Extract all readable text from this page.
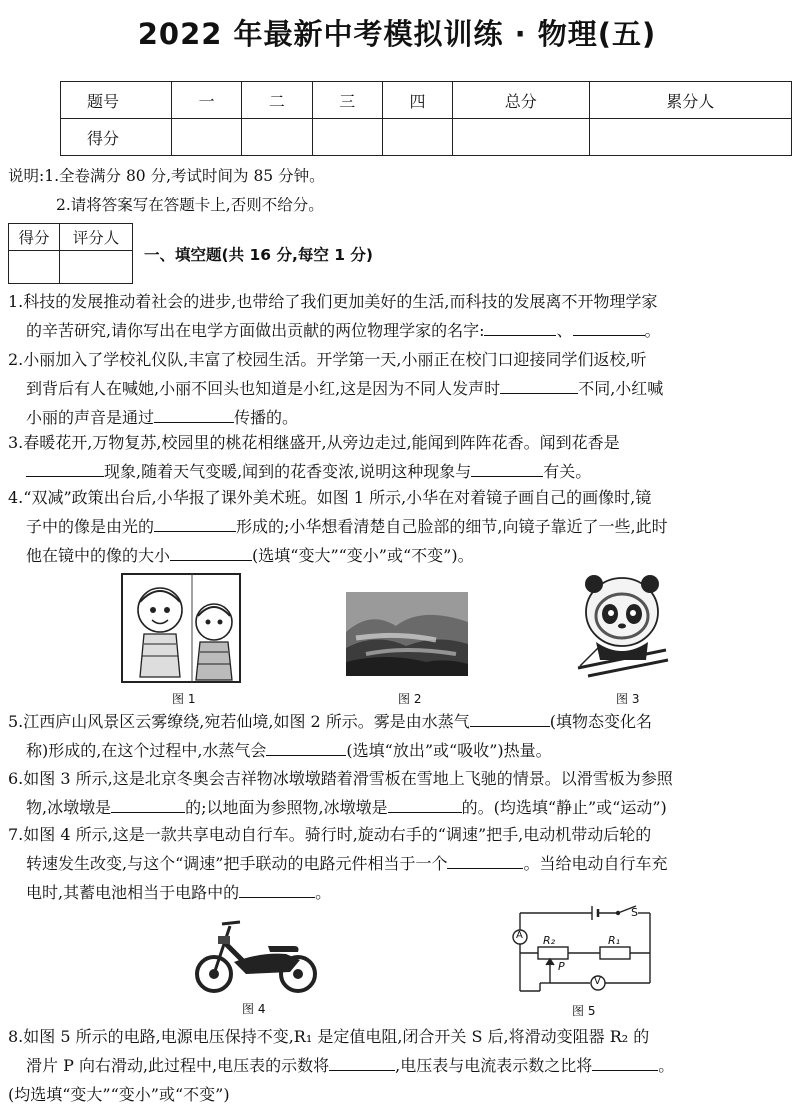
2022 年最新中考模拟训练 · 物理(五)
题号	一	二	三	四	总分	累分人
得分						
说明:1.全卷满分 80 分,考试时间为 85 分钟。
2.请将答案写在答题卡上,否则不给分。
得分	评分人

一、填空题(共 16 分,每空 1 分)

1.科技的发展推动着社会的进步,也带给了我们更加美好的生活,而科技的发展离不开物理学家

的辛苦研究,请你写出在电学方面做出贡献的两位物理学家的名字:	、	。

2.小丽加入了学校礼仪队,丰富了校园生活。开学第一天,小丽正在校门口迎接同学们返校,听

到背后有人在喊她,小丽不回头也知道是小红,这是因为不同人发声时	不同,小红喊

小丽的声音是通过	传播的。

3.春暖花开,万物复苏,校园里的桃花相继盛开,从旁边走过,能闻到阵阵花香。闻到花香是

现象,随着天气变暖,闻到的花香变浓,说明这种现象与	有关。

4.“双减”政策出台后,小华报了课外美术班。如图 1 所示,小华在对着镜子画自己的画像时,镜

子中的像是由光的	形成的;小华想看清楚自己脸部的细节,向镜子靠近了一些,此时

他在镜中的像的大小	(选填“变大”“变小”或“不变”)。

图 1	图 2	图 3

5.江西庐山风景区云雾缭绕,宛若仙境,如图 2 所示。雾是由水蒸气	(填物态变化名

称)形成的,在这个过程中,水蒸气会	(选填“放出”或“吸收”)热量。

6.如图 3 所示,这是北京冬奥会吉祥物冰墩墩踏着滑雪板在雪地上飞驰的情景。以滑雪板为参照

物,冰墩墩是	的;以地面为参照物,冰墩墩是	的。(均选填“静止”或“运动”)

7.如图 4 所示,这是一款共享电动自行车。骑行时,旋动右手的“调速”把手,电动机带动后轮的

转速发生改变,与这个“调速”把手联动的电路元件相当于一个	。当给电动自行车充

电时,其蓄电池相当于电路中的	。

图 4
S
A
V
R₂	R₁
P
图 5

8.如图 5 所示的电路,电源电压保持不变,R₁ 是定值电阻,闭合开关 S 后,将滑动变阻器 R₂ 的

滑片 P 向右滑动,此过程中,电压表的示数将	,电压表与电流表示数之比将	。

(均选填“变大”“变小”或“不变”)
